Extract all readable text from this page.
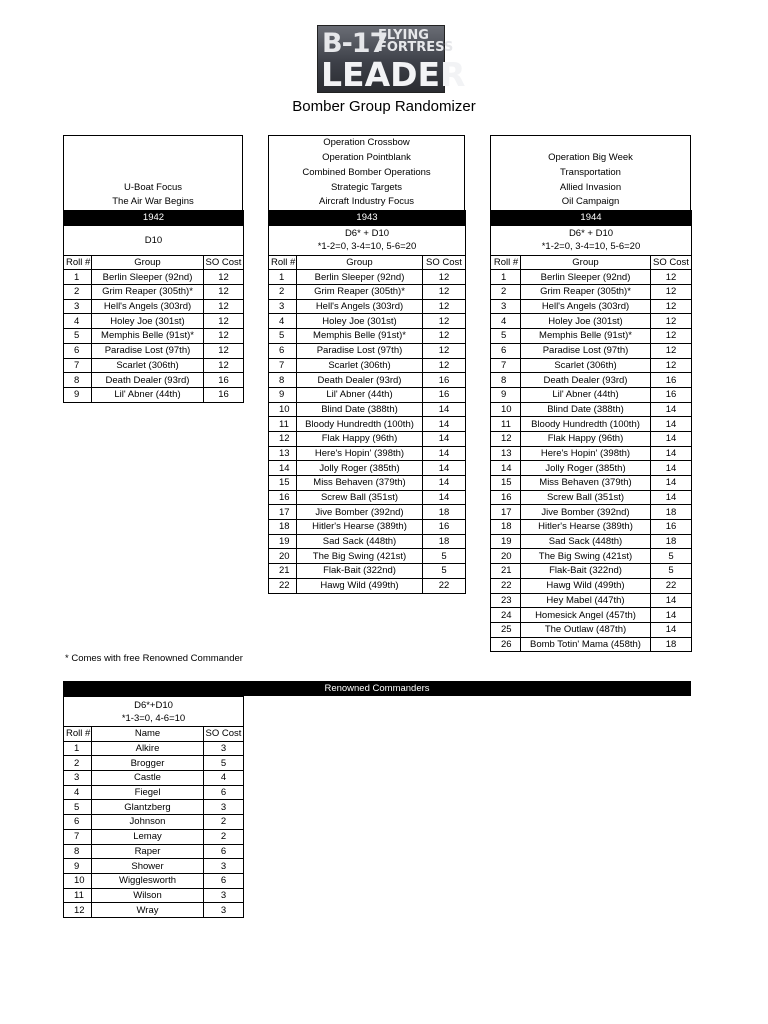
B-17
FLYING
FORTRESS
LEADER
Bomber Group Randomizer
U-Boat Focus
The Air War Begins
Operation Crossbow
Operation Pointblank
Combined Bomber Operations
Strategic Targets
Aircraft Industry Focus
Operation Big Week
Transportation
Allied Invasion
Oil Campaign
1942		

D10		

Roll #	Group	SO Cost
1	Berlin Sleeper (92nd)	12
2	Grim Reaper (305th)*	12
3	Hell's Angels (303rd)	12
4	Holey Joe (301st)	12
5	Memphis Belle (91st)*	12
6	Paradise Lost (97th)	12
7	Scarlet (306th)	12
8	Death Dealer (93rd)	16
9	Lil' Abner (44th)	16
1943		

D6* + D10
*1-2=0, 3-4=10, 5-6=20		

Roll #	Group	SO Cost
1	Berlin Sleeper (92nd)	12
2	Grim Reaper (305th)*	12
3	Hell's Angels (303rd)	12
4	Holey Joe (301st)	12
5	Memphis Belle (91st)*	12
6	Paradise Lost (97th)	12
7	Scarlet (306th)	12
8	Death Dealer (93rd)	16
9	Lil' Abner (44th)	16
10	Blind Date (388th)	14
11	Bloody Hundredth (100th)	14
12	Flak Happy (96th)	14
13	Here's Hopin' (398th)	14
14	Jolly Roger (385th)	14
15	Miss Behaven (379th)	14
16	Screw Ball (351st)	14
17	Jive Bomber (392nd)	18
18	Hitler's Hearse (389th)	16
19	Sad Sack (448th)	18
20	The Big Swing (421st)	5
21	Flak-Bait (322nd)	5
22	Hawg Wild (499th)	22
1944		

D6* + D10
*1-2=0, 3-4=10, 5-6=20		

Roll #	Group	SO Cost
1	Berlin Sleeper (92nd)	12
2	Grim Reaper (305th)*	12
3	Hell's Angels (303rd)	12
4	Holey Joe (301st)	12
5	Memphis Belle (91st)*	12
6	Paradise Lost (97th)	12
7	Scarlet (306th)	12
8	Death Dealer (93rd)	16
9	Lil' Abner (44th)	16
10	Blind Date (388th)	14
11	Bloody Hundredth (100th)	14
12	Flak Happy (96th)	14
13	Here's Hopin' (398th)	14
14	Jolly Roger (385th)	14
15	Miss Behaven (379th)	14
16	Screw Ball (351st)	14
17	Jive Bomber (392nd)	18
18	Hitler's Hearse (389th)	16
19	Sad Sack (448th)	18
20	The Big Swing (421st)	5
21	Flak-Bait (322nd)	5
22	Hawg Wild (499th)	22
23	Hey Mabel (447th)	14
24	Homesick Angel (457th)	14
25	The Outlaw (487th)	14
26	Bomb Totin' Mama (458th)	18
* Comes with free Renowned Commander
Renowned Commanders
D6*+D10
*1-3=0, 4-6=10		

Roll #	Name	SO Cost
1	Alkire	3
2	Brogger	5
3	Castle	4
4	Fiegel	6
5	Glantzberg	3
6	Johnson	2
7	Lemay	2
8	Raper	6
9	Shower	3
10	Wigglesworth	6
11	Wilson	3
12	Wray	3
